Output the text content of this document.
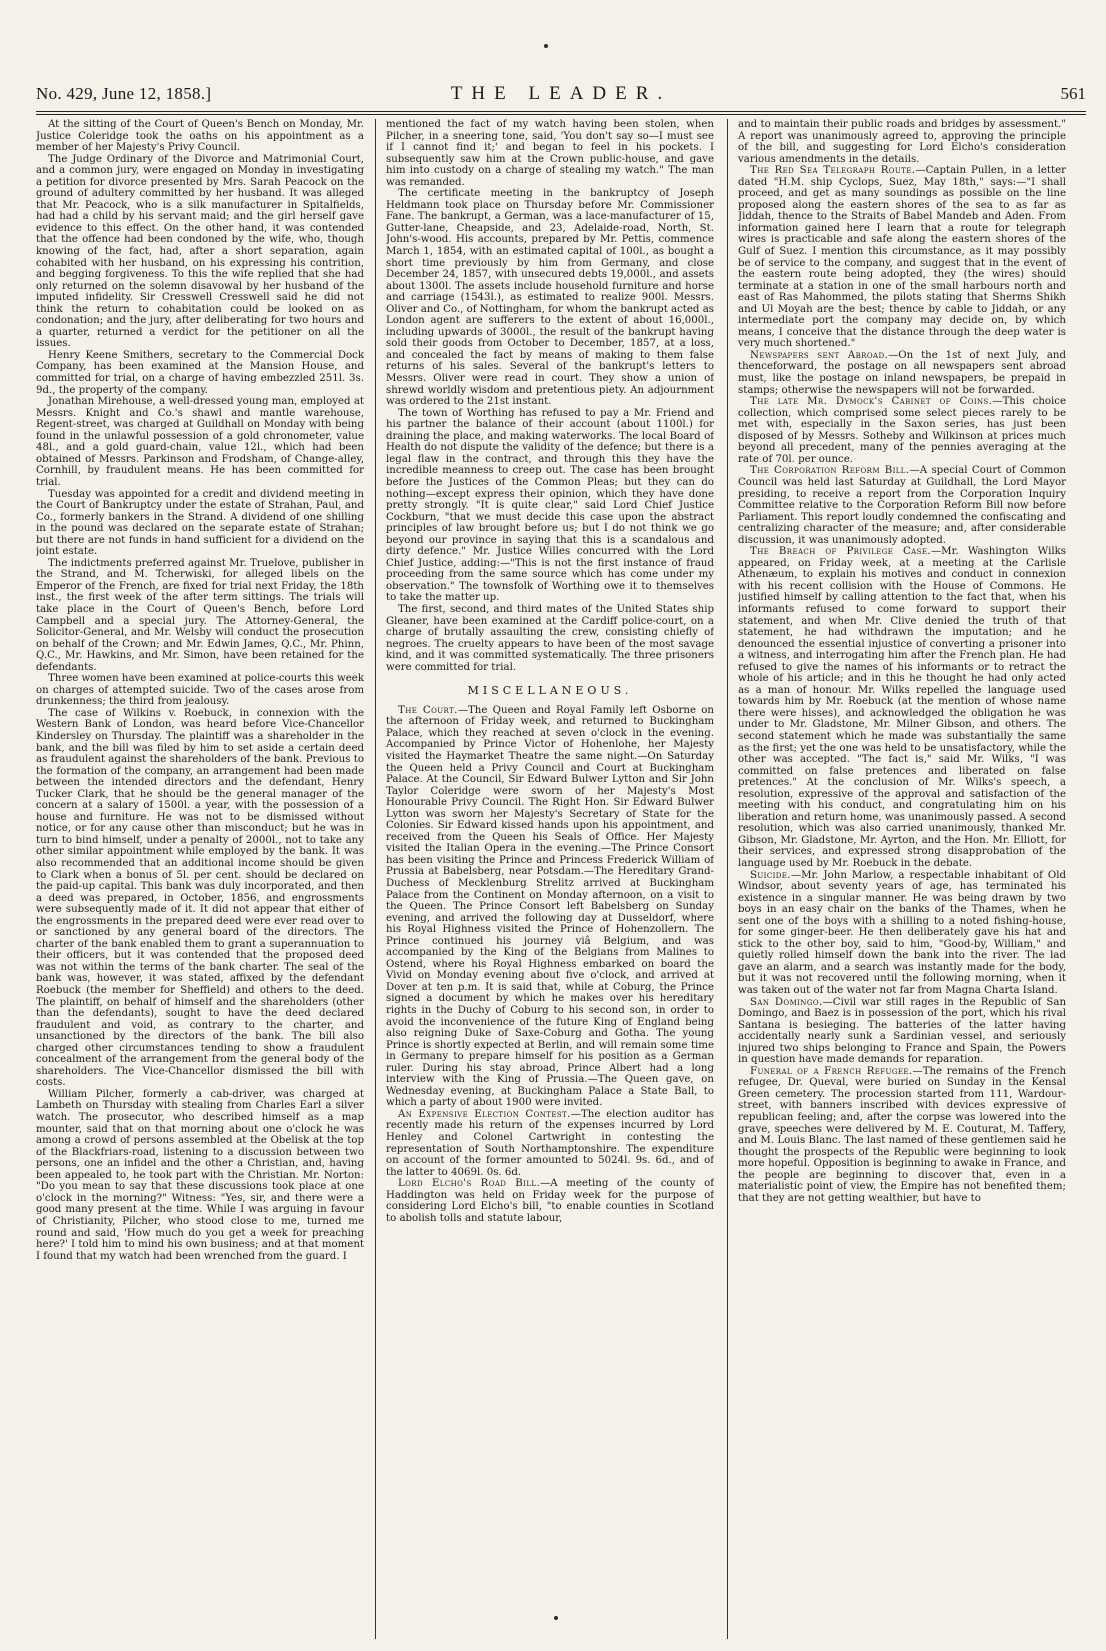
No. 429, June 12, 1858.]	THE LEADER.	561

At the sitting of the Court of Queen's Bench on Monday, Mr. Justice Coleridge took the oaths on his appointment as a member of her Majesty's Privy Council.

The Judge Ordinary of the Divorce and Matrimonial Court, and a common jury, were engaged on Monday in investigating a petition for divorce presented by Mrs. Sarah Peacock on the ground of adultery committed by her husband. It was alleged that Mr. Peacock, who is a silk manufacturer in Spitalfields, had had a child by his servant maid; and the girl herself gave evidence to this effect. On the other hand, it was contended that the offence had been condoned by the wife, who, though knowing of the fact, had, after a short separation, again cohabited with her husband, on his expressing his contrition, and begging forgiveness. To this the wife replied that she had only returned on the solemn disavowal by her husband of the imputed infidelity. Sir Cresswell Cresswell said he did not think the return to cohabitation could be looked on as condonation; and the jury, after deliberating for two hours and a quarter, returned a verdict for the petitioner on all the issues.

Henry Keene Smithers, secretary to the Commercial Dock Company, has been examined at the Mansion House, and committed for trial, on a charge of having embezzled 251l. 3s. 9d., the property of the company.

Jonathan Mirehouse, a well-dressed young man, employed at Messrs. Knight and Co.'s shawl and mantle warehouse, Regent-street, was charged at Guildhall on Monday with being found in the unlawful possession of a gold chronometer, value 48l., and a gold guard-chain, value 12l., which had been obtained of Messrs. Parkinson and Frodsham, of Change-alley, Cornhill, by fraudulent means. He has been committed for trial.

Tuesday was appointed for a credit and dividend meeting in the Court of Bankruptcy under the estate of Strahan, Paul, and Co., formerly bankers in the Strand. A dividend of one shilling in the pound was declared on the separate estate of Strahan; but there are not funds in hand sufficient for a dividend on the joint estate.

The indictments preferred against Mr. Truelove, publisher in the Strand, and M. Tcherwiski, for alleged libels on the Emperor of the French, are fixed for trial next Friday, the 18th inst., the first week of the after term sittings. The trials will take place in the Court of Queen's Bench, before Lord Campbell and a special jury. The Attorney-General, the Solicitor-General, and Mr. Welsby will conduct the prosecution on behalf of the Crown; and Mr. Edwin James, Q.C., Mr. Phinn, Q.C., Mr. Hawkins, and Mr. Simon, have been retained for the defendants.

Three women have been examined at police-courts this week on charges of attempted suicide. Two of the cases arose from drunkenness; the third from jealousy.

The case of Wilkins v. Roebuck, in connexion with the Western Bank of London, was heard before Vice-Chancellor Kindersley on Thursday. The plaintiff was a shareholder in the bank, and the bill was filed by him to set aside a certain deed as fraudulent against the shareholders of the bank. Previous to the formation of the company, an arrangement had been made between the intended directors and the defendant, Henry Tucker Clark, that he should be the general manager of the concern at a salary of 1500l. a year, with the possession of a house and furniture. He was not to be dismissed without notice, or for any cause other than misconduct; but he was in turn to bind himself, under a penalty of 2000l., not to take any other similar appointment while employed by the bank. It was also recommended that an additional income should be given to Clark when a bonus of 5l. per cent. should be declared on the paid-up capital. This bank was duly incorporated, and then a deed was prepared, in October, 1856, and engrossments were subsequently made of it. It did not appear that either of the engrossments in the prepared deed were ever read over to or sanctioned by any general board of the directors. The charter of the bank enabled them to grant a superannuation to their officers, but it was contended that the proposed deed was not within the terms of the bank charter. The seal of the bank was, however, it was stated, affixed by the defendant Roebuck (the member for Sheffield) and others to the deed. The plaintiff, on behalf of himself and the shareholders (other than the defendants), sought to have the deed declared fraudulent and void, as contrary to the charter, and unsanctioned by the directors of the bank. The bill also charged other circumstances tending to show a fraudulent concealment of the arrangement from the general body of the shareholders. The Vice-Chancellor dismissed the bill with costs.

William Pilcher, formerly a cab-driver, was charged at Lambeth on Thursday with stealing from Charles Earl a silver watch. The prosecutor, who described himself as a map mounter, said that on that morning about one o'clock he was among a crowd of persons assembled at the Obelisk at the top of the Blackfriars-road, listening to a discussion between two persons, one an infidel and the other a Christian, and, having been appealed to, he took part with the Christian. Mr. Norton: "Do you mean to say that these discussions took place at one o'clock in the morning?" Witness: "Yes, sir, and there were a good many present at the time. While I was arguing in favour of Christianity, Pilcher, who stood close to me, turned me round and said, 'How much do you get a week for preaching here?' I told him to mind his own business; and at that moment I found that my watch had been wrenched from the guard. I

mentioned the fact of my watch having been stolen, when Pilcher, in a sneering tone, said, 'You don't say so—I must see if I cannot find it;' and began to feel in his pockets. I subsequently saw him at the Crown public-house, and gave him into custody on a charge of stealing my watch." The man was remanded.

The certificate meeting in the bankruptcy of Joseph Heldmann took place on Thursday before Mr. Commissioner Fane. The bankrupt, a German, was a lace-manufacturer of 15, Gutter-lane, Cheapside, and 23, Adelaide-road, North, St. John's-wood. His accounts, prepared by Mr. Pettis, commence March 1, 1854, with an estimated capital of 100l., as bought a short time previously by him from Germany, and close December 24, 1857, with unsecured debts 19,000l., and assets about 1300l. The assets include household furniture and horse and carriage (1543l.), as estimated to realize 900l. Messrs. Oliver and Co., of Nottingham, for whom the bankrupt acted as London agent are sufferers to the extent of about 16,000l., including upwards of 3000l., the result of the bankrupt having sold their goods from October to December, 1857, at a loss, and concealed the fact by means of making to them false returns of his sales. Several of the bankrupt's letters to Messrs. Oliver were read in court. They show a union of shrewd worldly wisdom and pretentious piety. An adjournment was ordered to the 21st instant.

The town of Worthing has refused to pay a Mr. Friend and his partner the balance of their account (about 1100l.) for draining the place, and making waterworks. The local Board of Health do not dispute the validity of the defence; but there is a legal flaw in the contract, and through this they have the incredible meanness to creep out. The case has been brought before the Justices of the Common Pleas; but they can do nothing—except express their opinion, which they have done pretty strongly. "It is quite clear," said Lord Chief Justice Cockburn, "that we must decide this case upon the abstract principles of law brought before us; but I do not think we go beyond our province in saying that this is a scandalous and dirty defence." Mr. Justice Willes concurred with the Lord Chief Justice, adding:—"This is not the first instance of fraud proceeding from the same source which has come under my observation." The townsfolk of Worthing owe it to themselves to take the matter up.

The first, second, and third mates of the United States ship Gleaner, have been examined at the Cardiff police-court, on a charge of brutally assaulting the crew, consisting chiefly of negroes. The cruelty appears to have been of the most savage kind, and it was committed systematically. The three prisoners were committed for trial.

MISCELLANEOUS.

The Court.—The Queen and Royal Family left Osborne on the afternoon of Friday week, and returned to Buckingham Palace, which they reached at seven o'clock in the evening. Accompanied by Prince Victor of Hohenlohe, her Majesty visited the Haymarket Theatre the same night.—On Saturday the Queen held a Privy Council and Court at Buckingham Palace. At the Council, Sir Edward Bulwer Lytton and Sir John Taylor Coleridge were sworn of her Majesty's Most Honourable Privy Council. The Right Hon. Sir Edward Bulwer Lytton was sworn her Majesty's Secretary of State for the Colonies. Sir Edward kissed hands upon his appointment, and received from the Queen his Seals of Office. Her Majesty visited the Italian Opera in the evening.—The Prince Consort has been visiting the Prince and Princess Frederick William of Prussia at Babelsberg, near Potsdam.—The Hereditary Grand-Duchess of Mecklenburg Strelitz arrived at Buckingham Palace from the Continent on Monday afternoon, on a visit to the Queen. The Prince Consort left Babelsberg on Sunday evening, and arrived the following day at Dusseldorf, where his Royal Highness visited the Prince of Hohenzollern. The Prince continued his journey viâ Belgium, and was accompanied by the King of the Belgians from Malines to Ostend, where his Royal Highness embarked on board the Vivid on Monday evening about five o'clock, and arrived at Dover at ten p.m. It is said that, while at Coburg, the Prince signed a document by which he makes over his hereditary rights in the Duchy of Coburg to his second son, in order to avoid the inconvenience of the future King of England being also reigning Duke of Saxe-Coburg and Gotha. The young Prince is shortly expected at Berlin, and will remain some time in Germany to prepare himself for his position as a German ruler. During his stay abroad, Prince Albert had a long interview with the King of Prussia.—The Queen gave, on Wednesday evening, at Buckingham Palace a State Ball, to which a party of about 1900 were invited.

An Expensive Election Contest.—The election auditor has recently made his return of the expenses incurred by Lord Henley and Colonel Cartwright in contesting the representation of South Northamptonshire. The expenditure on account of the former amounted to 5024l. 9s. 6d., and of the latter to 4069l. 0s. 6d.

Lord Elcho's Road Bill.—A meeting of the county of Haddington was held on Friday week for the purpose of considering Lord Elcho's bill, "to enable counties in Scotland to abolish tolls and statute labour,

and to maintain their public roads and bridges by assessment." A report was unanimously agreed to, approving the principle of the bill, and suggesting for Lord Elcho's consideration various amendments in the details.

The Red Sea Telegraph Route.—Captain Pullen, in a letter dated "H.M. ship Cyclops, Suez, May 18th," says:—"I shall proceed, and get as many soundings as possible on the line proposed along the eastern shores of the sea to as far as Jiddah, thence to the Straits of Babel Mandeb and Aden. From information gained here I learn that a route for telegraph wires is practicable and safe along the eastern shores of the Gulf of Suez. I mention this circumstance, as it may possibly be of service to the company, and suggest that in the event of the eastern route being adopted, they (the wires) should terminate at a station in one of the small harbours north and east of Ras Mahommed, the pilots stating that Sherms Shikh and Ul Moyah are the best; thence by cable to Jiddah, or any intermediate port the company may decide on, by which means, I conceive that the distance through the deep water is very much shortened."

Newspapers sent Abroad.—On the 1st of next July, and thenceforward, the postage on all newspapers sent abroad must, like the postage on inland newspapers, be prepaid in stamps; otherwise the newspapers will not be forwarded.

The late Mr. Dymock's Cabinet of Coins.—This choice collection, which comprised some select pieces rarely to be met with, especially in the Saxon series, has just been disposed of by Messrs. Sotheby and Wilkinson at prices much beyond all precedent, many of the pennies averaging at the rate of 70l. per ounce.

The Corporation Reform Bill.—A special Court of Common Council was held last Saturday at Guildhall, the Lord Mayor presiding, to receive a report from the Corporation Inquiry Committee relative to the Corporation Reform Bill now before Parliament. This report loudly condemned the confiscating and centralizing character of the measure; and, after considerable discussion, it was unanimously adopted.

The Breach of Privilege Case.—Mr. Washington Wilks appeared, on Friday week, at a meeting at the Carlisle Athenæum, to explain his motives and conduct in connexion with his recent collision with the House of Commons. He justified himself by calling attention to the fact that, when his informants refused to come forward to support their statement, and when Mr. Clive denied the truth of that statement, he had withdrawn the imputation; and he denounced the essential injustice of converting a prisoner into a witness, and interrogating him after the French plan. He had refused to give the names of his informants or to retract the whole of his article; and in this he thought he had only acted as a man of honour. Mr. Wilks repelled the language used towards him by Mr. Roebuck (at the mention of whose name there were hisses), and acknowledged the obligation he was under to Mr. Gladstone, Mr. Milner Gibson, and others. The second statement which he made was substantially the same as the first; yet the one was held to be unsatisfactory, while the other was accepted. "The fact is," said Mr. Wilks, "I was committed on false pretences and liberated on false pretences." At the conclusion of Mr. Wilks's speech, a resolution, expressive of the approval and satisfaction of the meeting with his conduct, and congratulating him on his liberation and return home, was unanimously passed. A second resolution, which was also carried unanimously, thanked Mr. Gibson, Mr. Gladstone, Mr. Ayrton, and the Hon. Mr. Elliott, for their services, and expressed strong disapprobation of the language used by Mr. Roebuck in the debate.

Suicide.—Mr. John Marlow, a respectable inhabitant of Old Windsor, about seventy years of age, has terminated his existence in a singular manner. He was being drawn by two boys in an easy chair on the banks of the Thames, when he sent one of the boys with a shilling to a noted fishing-house, for some ginger-beer. He then deliberately gave his hat and stick to the other boy, said to him, "Good-by, William," and quietly rolled himself down the bank into the river. The lad gave an alarm, and a search was instantly made for the body, but it was not recovered until the following morning, when it was taken out of the water not far from Magna Charta Island.

San Domingo.—Civil war still rages in the Republic of San Domingo, and Baez is in possession of the port, which his rival Santana is besieging. The batteries of the latter having accidentally nearly sunk a Sardinian vessel, and seriously injured two ships belonging to France and Spain, the Powers in question have made demands for reparation.

Funeral of a French Refugee.—The remains of the French refugee, Dr. Queval, were buried on Sunday in the Kensal Green cemetery. The procession started from 111, Wardour-street, with banners inscribed with devices expressive of republican feeling; and, after the corpse was lowered into the grave, speeches were delivered by M. E. Couturat, M. Taffery, and M. Louis Blanc. The last named of these gentlemen said he thought the prospects of the Republic were beginning to look more hopeful. Opposition is beginning to awake in France, and the people are beginning to discover that, even in a materialistic point of view, the Empire has not benefited them; that they are not getting wealthier, but have to
